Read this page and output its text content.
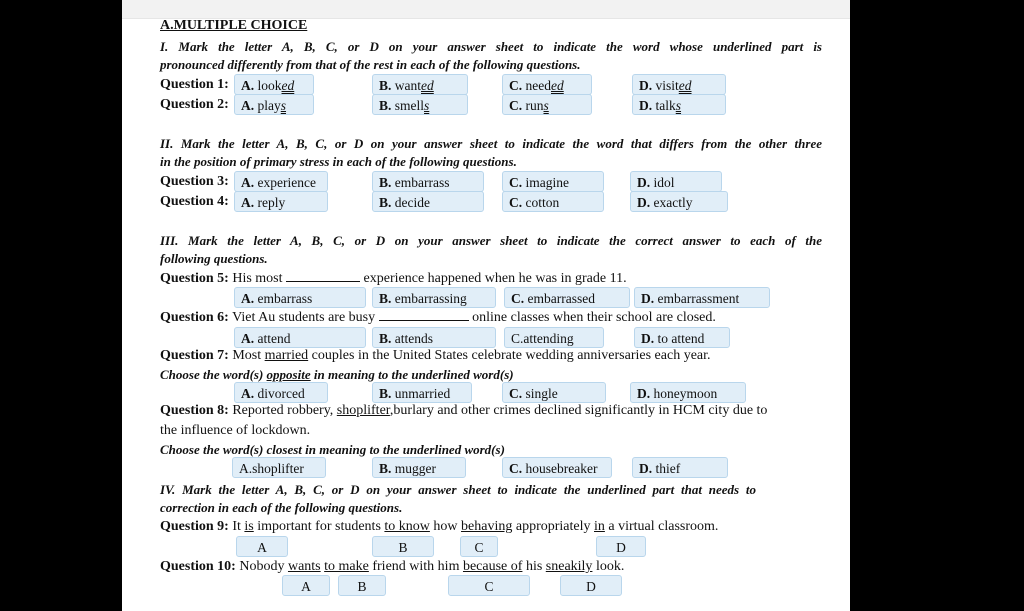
A.MULTIPLE CHOICE
I. Mark the letter A, B, C, or D on your answer sheet to indicate the word whose underlined part is
pronounced differently from that of the rest in each of the following questions.
Question 1: A. looked	B. wanted	C. needed	D. visited
Question 2: A. plays	B. smells	C. runs	D. talks
II. Mark the letter A, B, C, or D on your answer sheet to indicate the word that differs from the other three
in the position of primary stress in each of the following questions.
Question 3: A. experience	B. embarrass	C. imagine	D. idol
Question 4: A. reply	B. decide	C. cotton	D. exactly
III. Mark the letter A, B, C, or D on your answer sheet to indicate the correct answer to each of the
following questions.
Question 5: His most	experience happened when he was in grade 11.
A. embarrass	B. embarrassing	C. embarrassed	D. embarrassment
Question 6: Viet Au students are busy	online classes when their school are closed.
A. attend	B. attends	C.attending	D. to attend
Question 7: Most married couples in the United States celebrate wedding anniversaries each year.
Choose the word(s) opposite in meaning to the underlined word(s)
A. divorced	B. unmarried	C. single	D. honeymoon
Question 8: Reported robbery, shoplifter,burlary and other crimes declined significantly in HCM city due to
the influence of lockdown.
Choose the word(s) closest in meaning to the underlined word(s)
A.shoplifter	B. mugger	C. housebreaker	D. thief
IV. Mark the letter A, B, C, or D on your answer sheet to indicate the underlined part that needs to
correction in each of the following questions.
Question 9: It is important for students to know how behaving appropriately in a virtual classroom.
A	B	C	D
Question 10: Nobody wants to make friend with him because of his sneakily look.
A	B	C	D
